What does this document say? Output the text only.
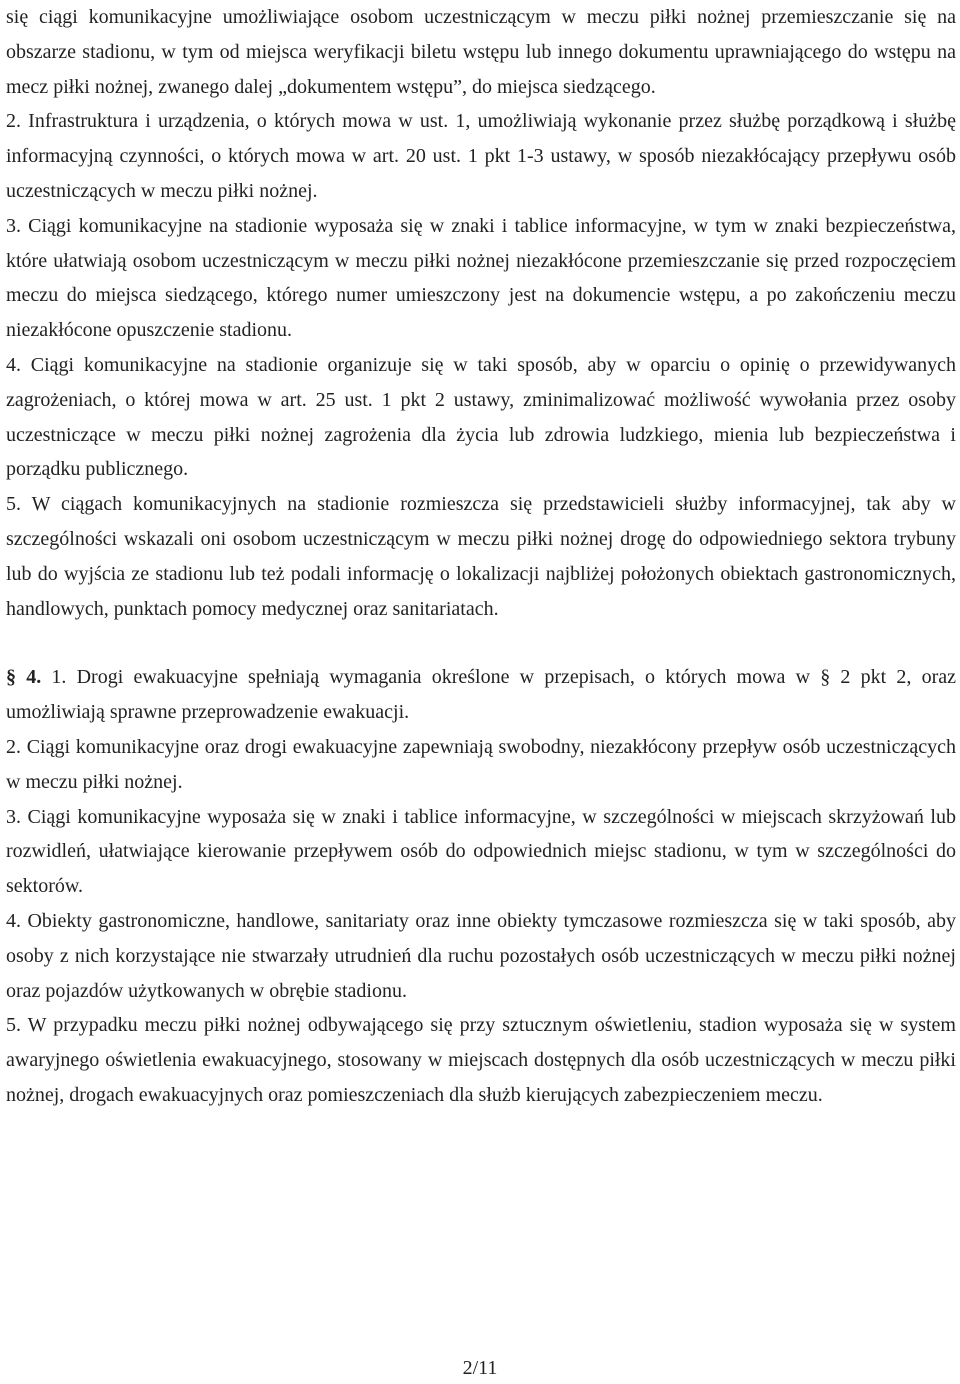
się ciągi komunikacyjne umożliwiające osobom uczestniczącym w meczu piłki nożnej przemieszczanie się na obszarze stadionu, w tym od miejsca weryfikacji biletu wstępu lub innego dokumentu uprawniającego do wstępu na mecz piłki nożnej, zwanego dalej „dokumentem wstępu”, do miejsca siedzącego.

2. Infrastruktura i urządzenia, o których mowa w ust. 1, umożliwiają wykonanie przez służbę porządkową i służbę informacyjną czynności, o których mowa w art. 20 ust. 1 pkt 1-3 ustawy, w sposób niezakłócający przepływu osób uczestniczących w meczu piłki nożnej.

3. Ciągi komunikacyjne na stadionie wyposaża się w znaki i tablice informacyjne, w tym w znaki bezpieczeństwa, które ułatwiają osobom uczestniczącym w meczu piłki nożnej niezakłócone przemieszczanie się przed rozpoczęciem meczu do miejsca siedzącego, którego numer umieszczony jest na dokumencie wstępu, a po zakończeniu meczu niezakłócone opuszczenie stadionu.

4. Ciągi komunikacyjne na stadionie organizuje się w taki sposób, aby w oparciu o opinię o przewidywanych zagrożeniach, o której mowa w art. 25 ust. 1 pkt 2 ustawy, zminimalizować możliwość wywołania przez osoby uczestniczące w meczu piłki nożnej zagrożenia dla życia lub zdrowia ludzkiego, mienia lub bezpieczeństwa i porządku publicznego.

5. W ciągach komunikacyjnych na stadionie rozmieszcza się przedstawicieli służby informacyjnej, tak aby w szczególności wskazali oni osobom uczestniczącym w meczu piłki nożnej drogę do odpowiedniego sektora trybuny lub do wyjścia ze stadionu lub też podali informację o lokalizacji najbliżej położonych obiektach gastronomicznych, handlowych, punktach pomocy medycznej oraz sanitariatach.

§ 4. 1. Drogi ewakuacyjne spełniają wymagania określone w przepisach, o których mowa w § 2 pkt 2, oraz umożliwiają sprawne przeprowadzenie ewakuacji.

2. Ciągi komunikacyjne oraz drogi ewakuacyjne zapewniają swobodny, niezakłócony przepływ osób uczestniczących w meczu piłki nożnej.

3. Ciągi komunikacyjne wyposaża się w znaki i tablice informacyjne, w szczególności w miejscach skrzyżowań lub rozwidleń, ułatwiające kierowanie przepływem osób do odpowiednich miejsc stadionu, w tym w szczególności do sektorów.

4. Obiekty gastronomiczne, handlowe, sanitariaty oraz inne obiekty tymczasowe rozmieszcza się w taki sposób, aby osoby z nich korzystające nie stwarzały utrudnień dla ruchu pozostałych osób uczestniczących w meczu piłki nożnej oraz pojazdów użytkowanych w obrębie stadionu.

5. W przypadku meczu piłki nożnej odbywającego się przy sztucznym oświetleniu, stadion wyposaża się w system awaryjnego oświetlenia ewakuacyjnego, stosowany w miejscach dostępnych dla osób uczestniczących w meczu piłki nożnej, drogach ewakuacyjnych oraz pomieszczeniach dla służb kierujących zabezpieczeniem meczu.

2/11
